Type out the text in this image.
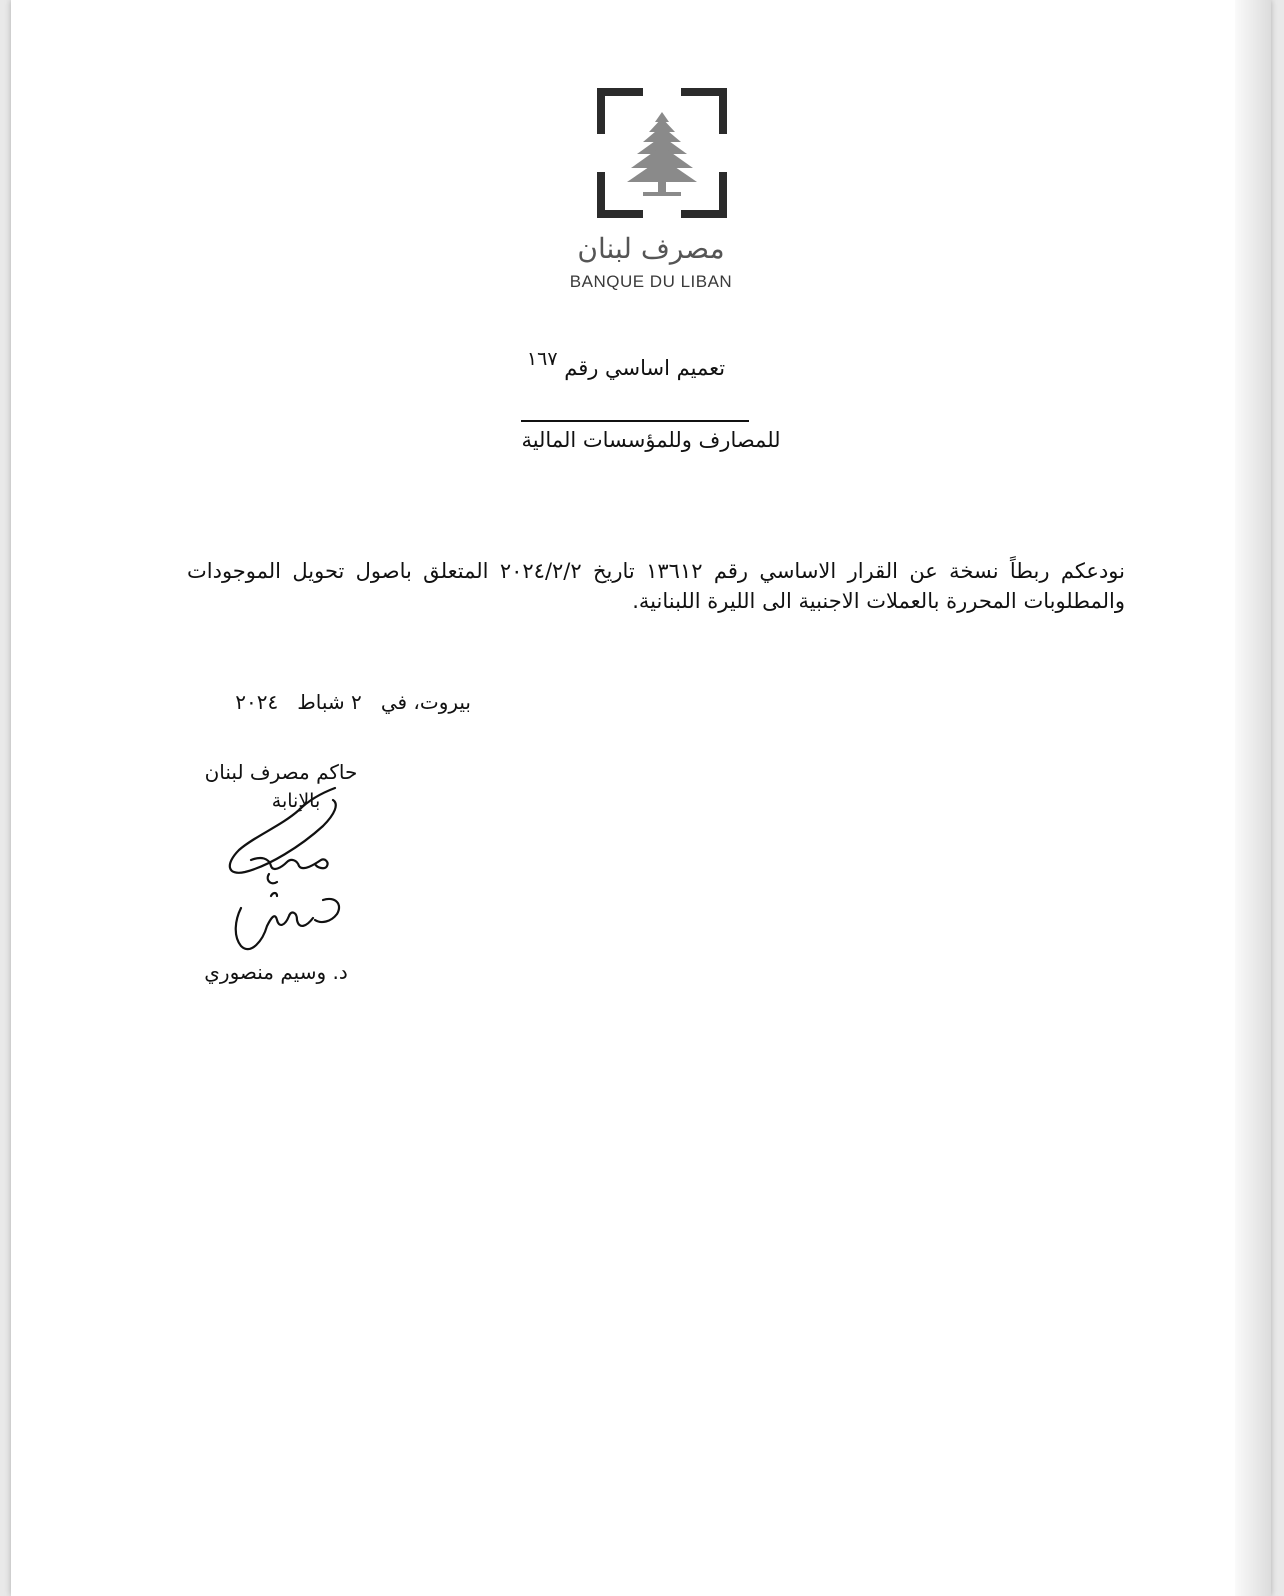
مصرف لبنان
BANQUE DU LIBAN
تعميم اساسي رقم ١٦٧
للمصارف وللمؤسسات المالية
نودعكم ربطاً نسخة عن القرار الاساسي رقم ١٣٦١٢ تاريخ ٢٠٢٤/٢/٢ المتعلق باصول تحويل الموجودات والمطلوبات المحررة بالعملات الاجنبية الى الليرة اللبنانية.
بيروت، في   ٢ شباط   ٢٠٢٤
حاكم مصرف لبنان
بالإنابة
د. وسيم منصوري
